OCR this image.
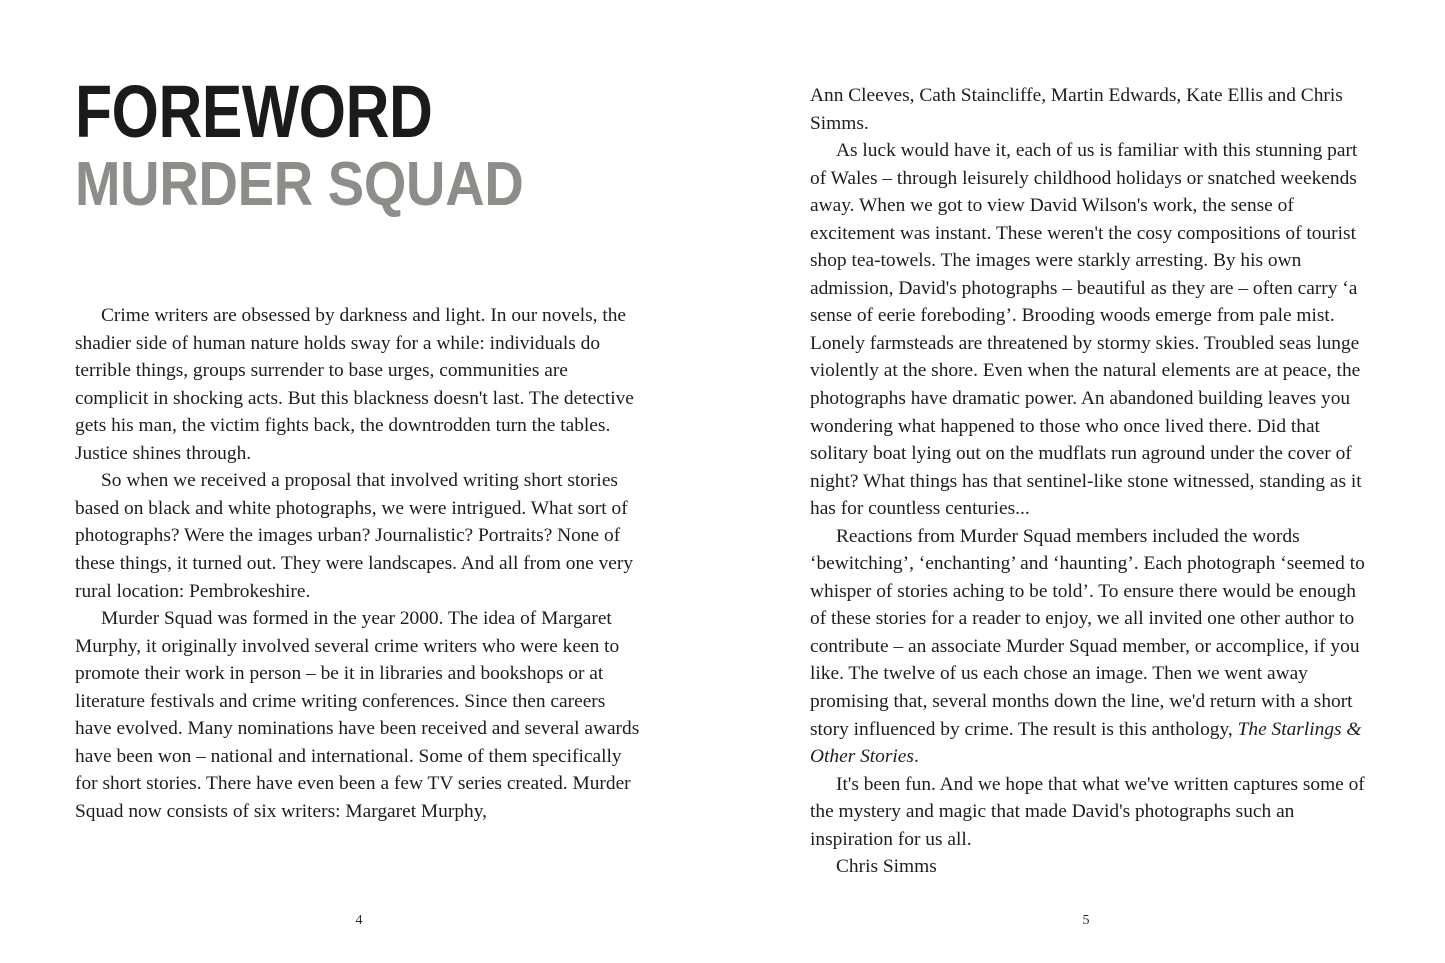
FOREWORD
MURDER SQUAD

Crime writers are obsessed by darkness and light. In our novels, the shadier side of human nature holds sway for a while: individuals do terrible things, groups surrender to base urges, communities are complicit in shocking acts. But this blackness doesn't last. The detective gets his man, the victim fights back, the downtrodden turn the tables. Justice shines through.

So when we received a proposal that involved writing short stories based on black and white photographs, we were intrigued. What sort of photographs? Were the images urban? Journalistic? Portraits? None of these things, it turned out. They were landscapes. And all from one very rural location: Pembrokeshire.

Murder Squad was formed in the year 2000. The idea of Margaret Murphy, it originally involved several crime writers who were keen to promote their work in person – be it in libraries and bookshops or at literature festivals and crime writing conferences. Since then careers have evolved. Many nominations have been received and several awards have been won – national and international. Some of them specifically for short stories. There have even been a few TV series created. Murder Squad now consists of six writers: Margaret Murphy,

4

Ann Cleeves, Cath Staincliffe, Martin Edwards, Kate Ellis and Chris Simms.

As luck would have it, each of us is familiar with this stunning part of Wales – through leisurely childhood holidays or snatched weekends away. When we got to view David Wilson's work, the sense of excitement was instant. These weren't the cosy compositions of tourist shop tea-towels. The images were starkly arresting. By his own admission, David's photographs – beautiful as they are – often carry ‘a sense of eerie foreboding’. Brooding woods emerge from pale mist. Lonely farmsteads are threatened by stormy skies. Troubled seas lunge violently at the shore. Even when the natural elements are at peace, the photographs have dramatic power. An abandoned building leaves you wondering what happened to those who once lived there. Did that solitary boat lying out on the mudflats run aground under the cover of night? What things has that sentinel-like stone witnessed, standing as it has for countless centuries...

Reactions from Murder Squad members included the words ‘bewitching’, ‘enchanting’ and ‘haunting’. Each photograph ‘seemed to whisper of stories aching to be told’. To ensure there would be enough of these stories for a reader to enjoy, we all invited one other author to contribute – an associate Murder Squad member, or accomplice, if you like. The twelve of us each chose an image. Then we went away promising that, several months down the line, we'd return with a short story influenced by crime. The result is this anthology, The Starlings & Other Stories.

It's been fun. And we hope that what we've written captures some of the mystery and magic that made David's photographs such an inspiration for us all.

Chris Simms

5
